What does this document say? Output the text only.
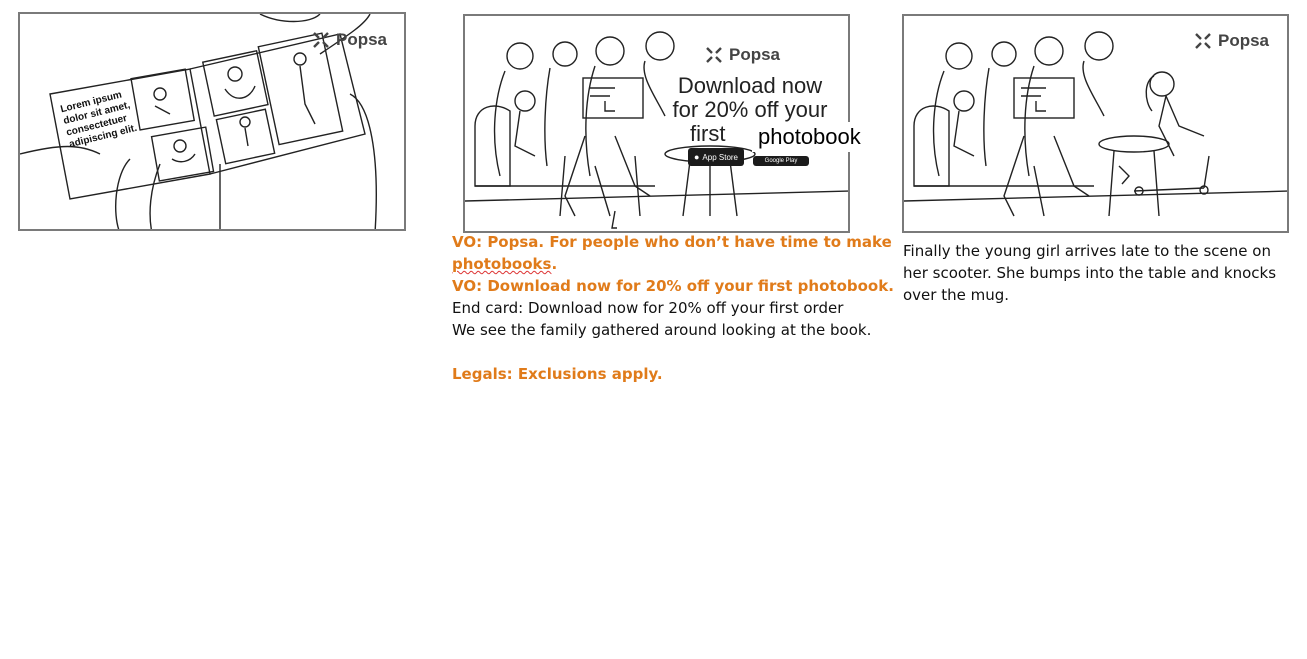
Lorem ipsum dolor sit amet, consectetuer adipiscing elit.
Popsa
Popsa
Download now
for 20% off your
first
● App Store	Google Play
photobook
Popsa
VO: Popsa. For people who don’t have time to make photobooks.
VO: Download now for 20% off your first photobook.
End card: Download now for 20% off your first order
We see the family gathered around looking at the book.
Legals: Exclusions apply.
Finally the young girl arrives late to the scene on her scooter. She bumps into the table and knocks over the mug.
